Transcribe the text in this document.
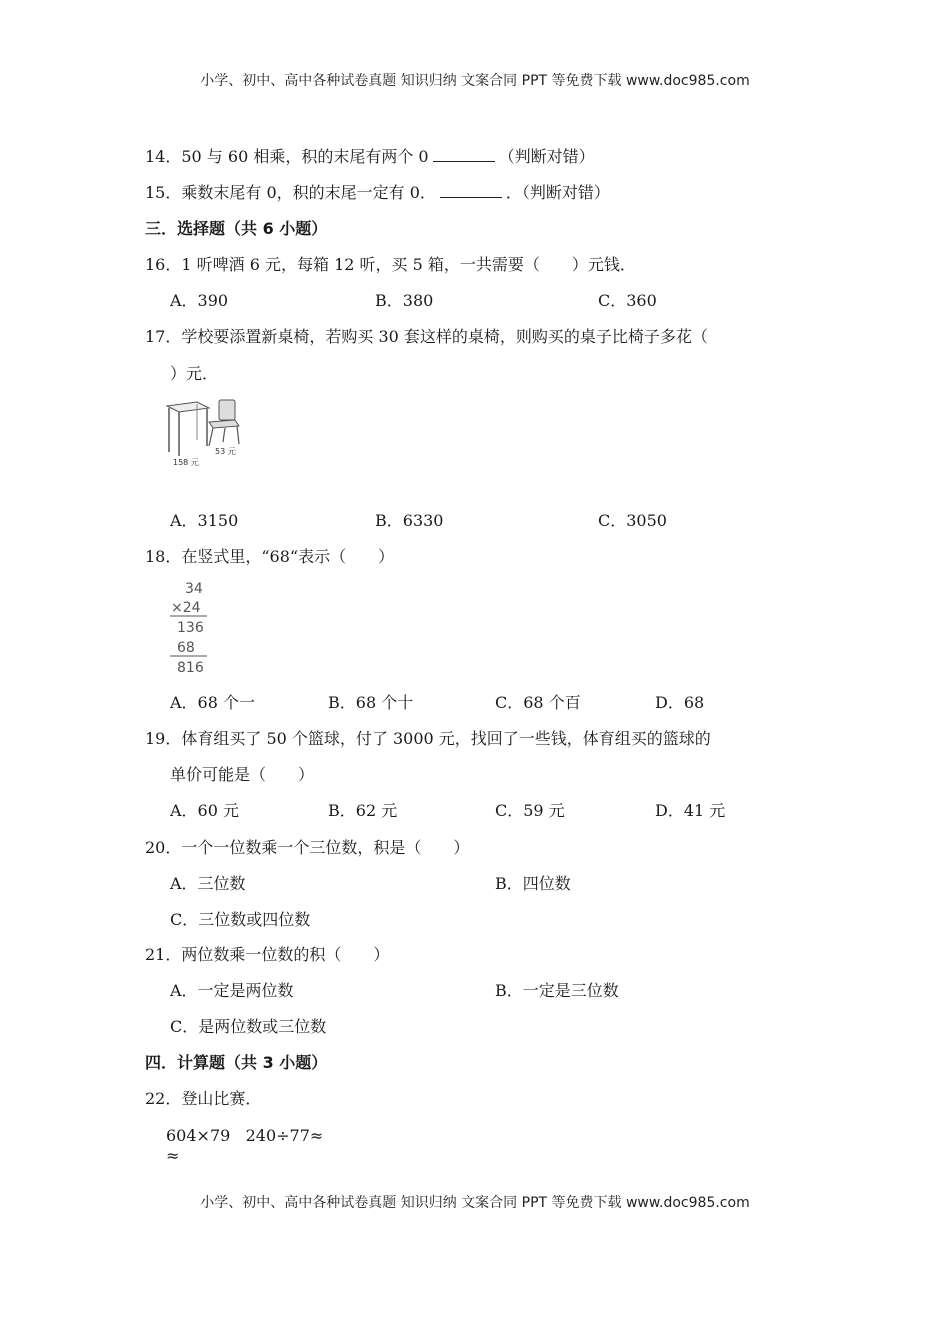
小学、初中、高中各种试卷真题 知识归纳 文案合同 PPT 等免费下载 www.doc985.com
14．50 与 60 相乘，积的末尾有两个 0	（判断对错）
15．乘数末尾有 0，积的末尾一定有 0．	．（判断对错）
三．选择题（共 6 小题）
16．1 听啤酒 6 元，每箱 12 听，买 5 箱，一共需要（　　）元钱．
A．390	B．380	C．360
17．学校要添置新桌椅，若购买 30 套这样的桌椅，则购买的桌子比椅子多花（
）元．
53 元
158 元
A．3150	B．6330	C．3050
18．在竖式里，“68“表示（　　）
34
×24
136
68
816
A．68 个一	B．68 个十	C．68 个百	D．68
19．体育组买了 50 个篮球，付了 3000 元，找回了一些钱，体育组买的篮球的
单价可能是（　　）
A．60 元	B．62 元	C．59 元	D．41 元
20．一个一位数乘一个三位数，积是（　　）
A．三位数	B．四位数
C．三位数或四位数
21．两位数乘一位数的积（　　）
A．一定是两位数	B．一定是三位数
C．是两位数或三位数
四．计算题（共 3 小题）
22．登山比赛．
604×79 240÷77≈
≈
小学、初中、高中各种试卷真题 知识归纳 文案合同 PPT 等免费下载 www.doc985.com
